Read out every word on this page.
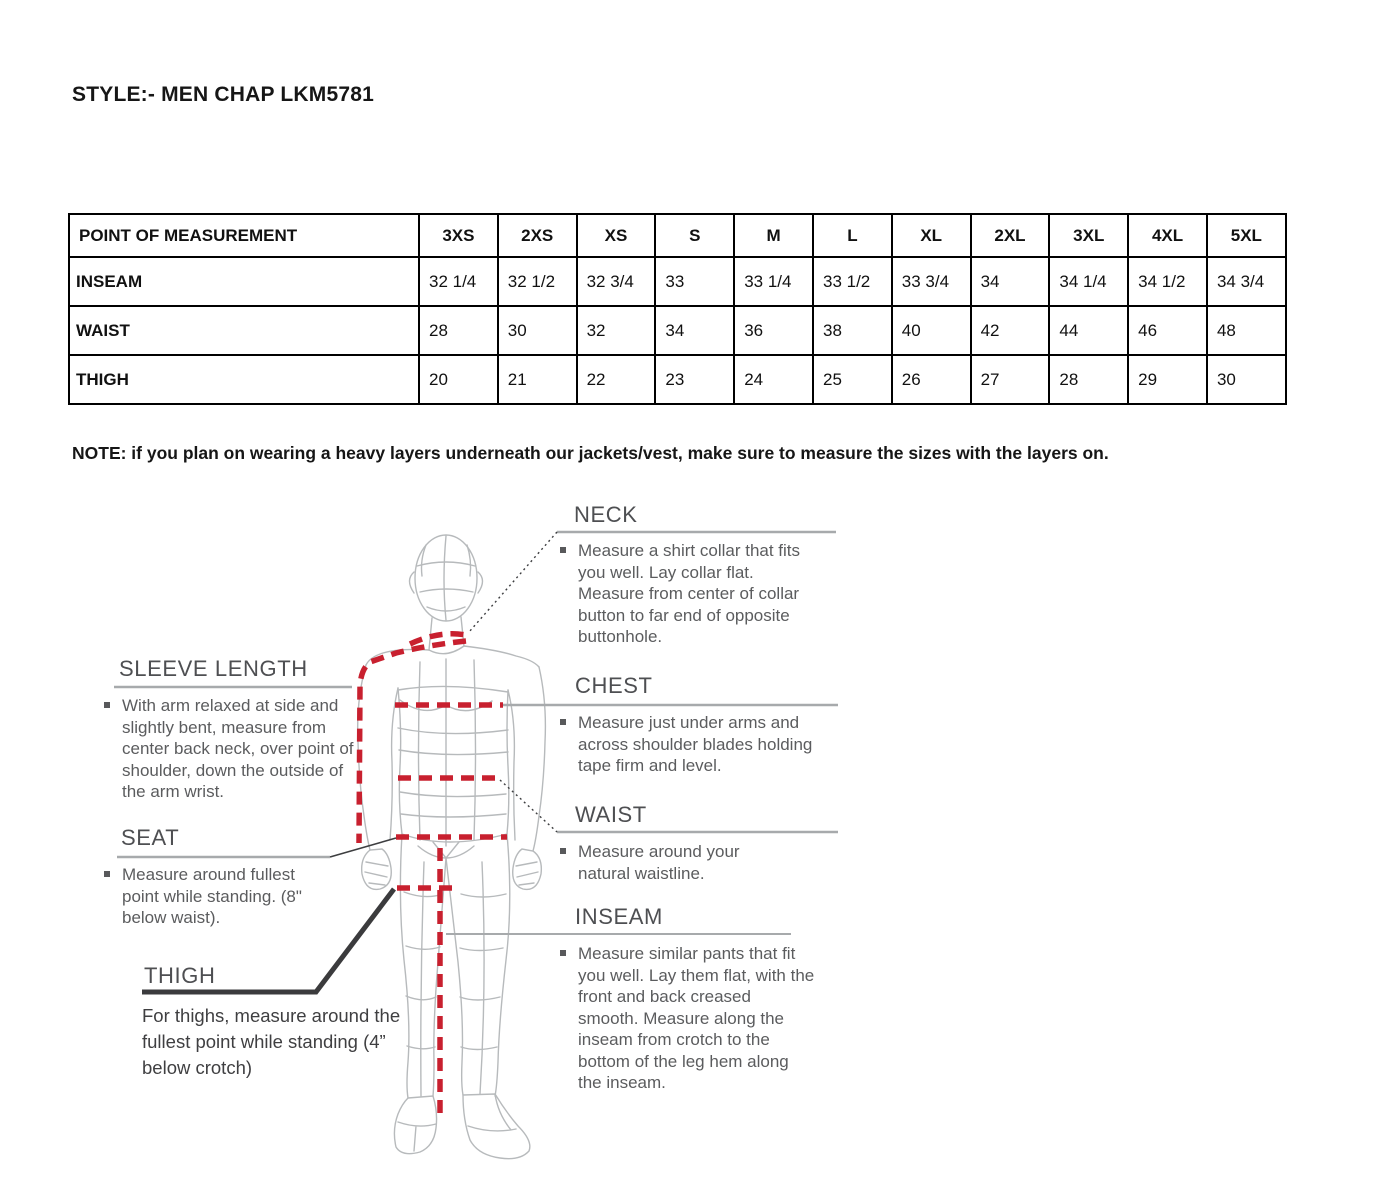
STYLE:- MEN CHAP LKM5781
POINT OF MEASUREMENT	3XS	2XS	XS	S	M	L	XL	2XL	3XL	4XL	5XL
INSEAM	32 1/4	32 1/2	32 3/4	33	33 1/4	33 1/2	33 3/4	34	34 1/4	34 1/2	34 3/4
WAIST	28	30	32	34	36	38	40	42	44	46	48
THIGH	20	21	22	23	24	25	26	27	28	29	30
NOTE: if you plan on wearing a heavy layers underneath our jackets/vest, make sure to measure the sizes with the layers on.
NECK
Measure a shirt collar that fits you well. Lay collar flat. Measure from center of collar button to far end of opposite buttonhole.
SLEEVE LENGTH
With arm relaxed at side and slightly bent, measure from center back neck, over point of shoulder, down the outside of the arm wrist.
CHEST
Measure just under arms and across shoulder blades holding tape firm and level.
WAIST
Measure around your natural waistline.
SEAT
Measure around fullest point while standing. (8" below waist).
THIGH
For thighs, measure around the fullest point while standing (4” below crotch)
INSEAM
Measure similar pants that fit you well. Lay them flat, with the front and back creased smooth. Measure along the inseam from crotch to the bottom of the leg hem along the inseam.
